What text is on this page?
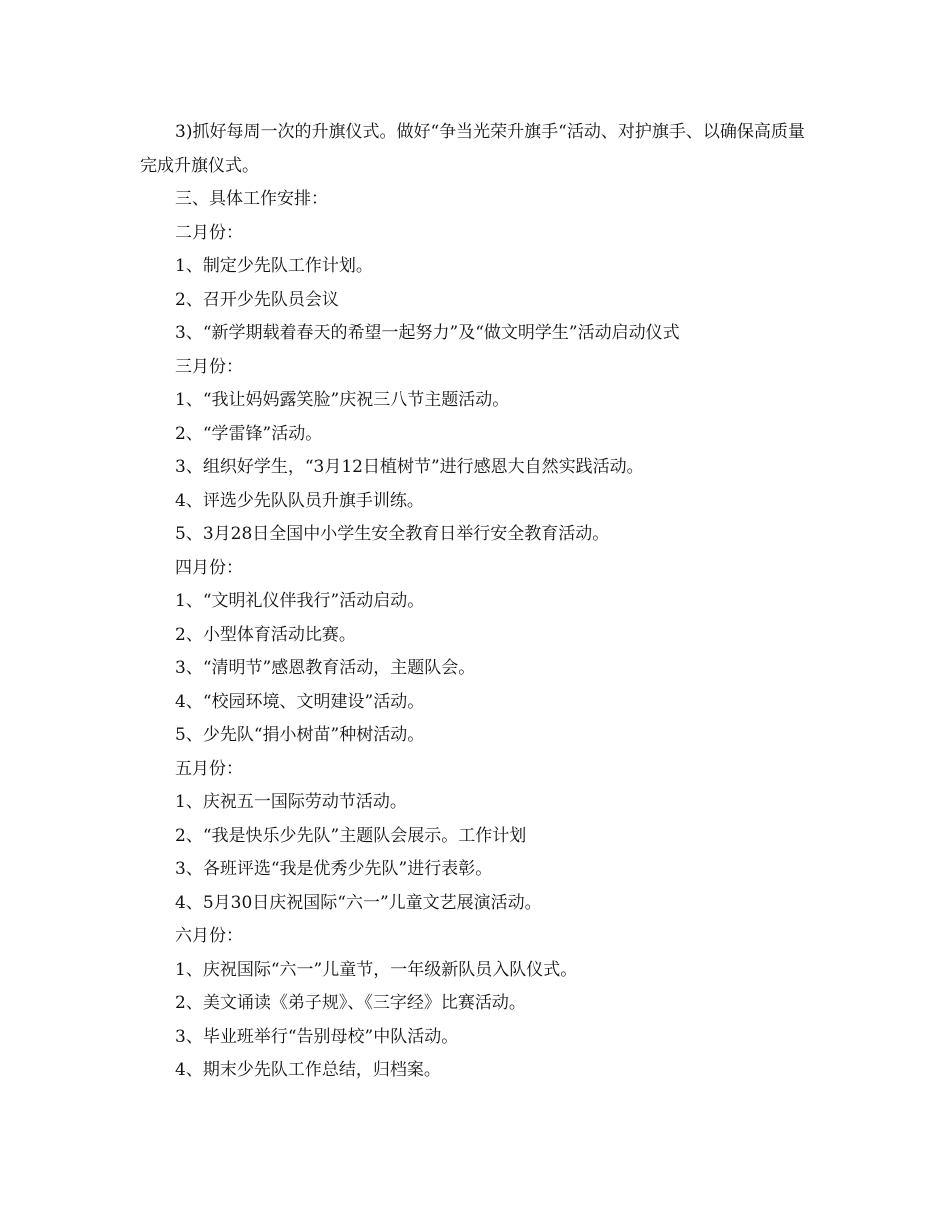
3)抓好每周一次的升旗仪式。做好“争当光荣升旗手“活动、对护旗手、以确保高质量完成升旗仪式。
三、具体工作安排：
二月份：
1、制定少先队工作计划。
2、召开少先队员会议
3、“新学期载着春天的希望一起努力”及“做文明学生”活动启动仪式
三月份：
1、“我让妈妈露笑脸”庆祝三八节主题活动。
2、“学雷锋”活动。
3、组织好学生，“3月12日植树节”进行感恩大自然实践活动。
4、评选少先队队员升旗手训练。
5、3月28日全国中小学生安全教育日举行安全教育活动。
四月份：
1、“文明礼仪伴我行”活动启动。
2、小型体育活动比赛。
3、“清明节”感恩教育活动，主题队会。
4、“校园环境、文明建设”活动。
5、少先队“捐小树苗”种树活动。
五月份：
1、庆祝五一国际劳动节活动。
2、“我是快乐少先队”主题队会展示。工作计划
3、各班评选“我是优秀少先队”进行表彰。
4、5月30日庆祝国际“六一”儿童文艺展演活动。
六月份：
1、庆祝国际“六一”儿童节，一年级新队员入队仪式。
2、美文诵读《弟子规》、《三字经》比赛活动。
3、毕业班举行“告别母校”中队活动。
4、期末少先队工作总结，归档案。
